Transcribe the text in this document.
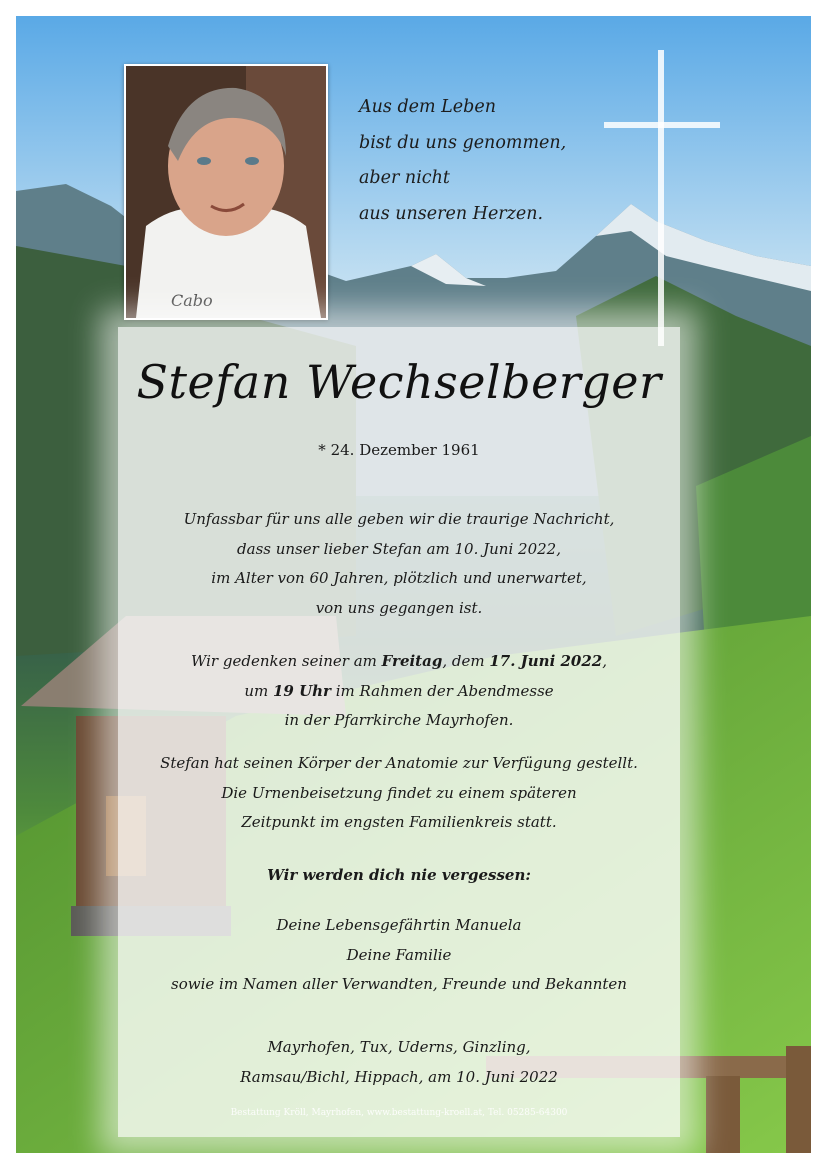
Cabo
Aus dem Leben
bist du uns genommen,
aber nicht
aus unseren Herzen.
Stefan Wechselberger
* 24. Dezember 1961
Unfassbar für uns alle geben wir die traurige Nachricht,
dass unser lieber Stefan am 10. Juni 2022,
im Alter von 60 Jahren, plötzlich und unerwartet,
von uns gegangen ist.
Wir gedenken seiner am Freitag, dem 17. Juni 2022,
um 19 Uhr im Rahmen der Abendmesse
in der Pfarrkirche Mayrhofen.
Stefan hat seinen Körper der Anatomie zur Verfügung gestellt.
Die Urnenbeisetzung findet zu einem späteren
Zeitpunkt im engsten Familienkreis statt.
Wir werden dich nie vergessen:
Deine Lebensgefährtin Manuela
Deine Familie
sowie im Namen aller Verwandten, Freunde und Bekannten
Mayrhofen, Tux, Uderns, Ginzling,
Ramsau/Bichl, Hippach, am 10. Juni 2022
Bestattung Kröll, Mayrhofen, www.bestattung-kroell.at, Tel. 05285-64300
